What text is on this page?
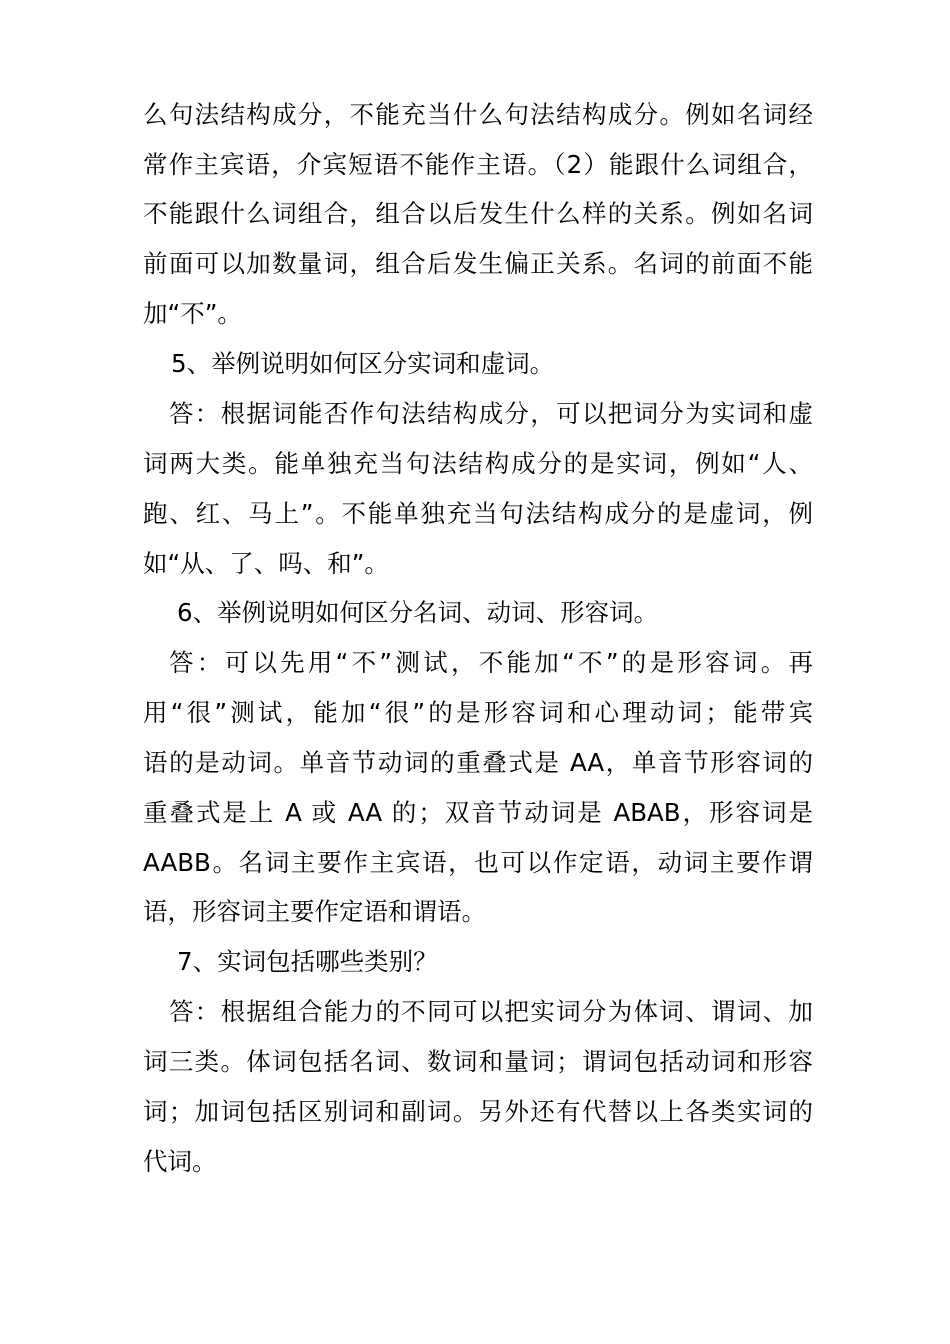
么句法结构成分，不能充当什么句法结构成分。例如名词经
常作主宾语，介宾短语不能作主语。（2）能跟什么词组合，
不能跟什么词组合，组合以后发生什么样的关系。例如名词
前面可以加数量词，组合后发生偏正关系。名词的前面不能
加“不”。
5、举例说明如何区分实词和虚词。
答：根据词能否作句法结构成分，可以把词分为实词和虚
词两大类。能单独充当句法结构成分的是实词，例如“人、
跑、红、马上”。不能单独充当句法结构成分的是虚词，例
如“从、了、吗、和”。
6、举例说明如何区分名词、动词、形容词。
答：可以先用“不”测试，不能加“不”的是形容词。再
用“很”测试，能加“很”的是形容词和心理动词；能带宾
语的是动词。单音节动词的重叠式是 AA，单音节形容词的
重叠式是上 A 或 AA 的；双音节动词是 ABAB，形容词是
AABB。名词主要作主宾语，也可以作定语，动词主要作谓
语，形容词主要作定语和谓语。
7、实词包括哪些类别？
答：根据组合能力的不同可以把实词分为体词、谓词、加
词三类。体词包括名词、数词和量词；谓词包括动词和形容
词；加词包括区别词和副词。另外还有代替以上各类实词的
代词。
